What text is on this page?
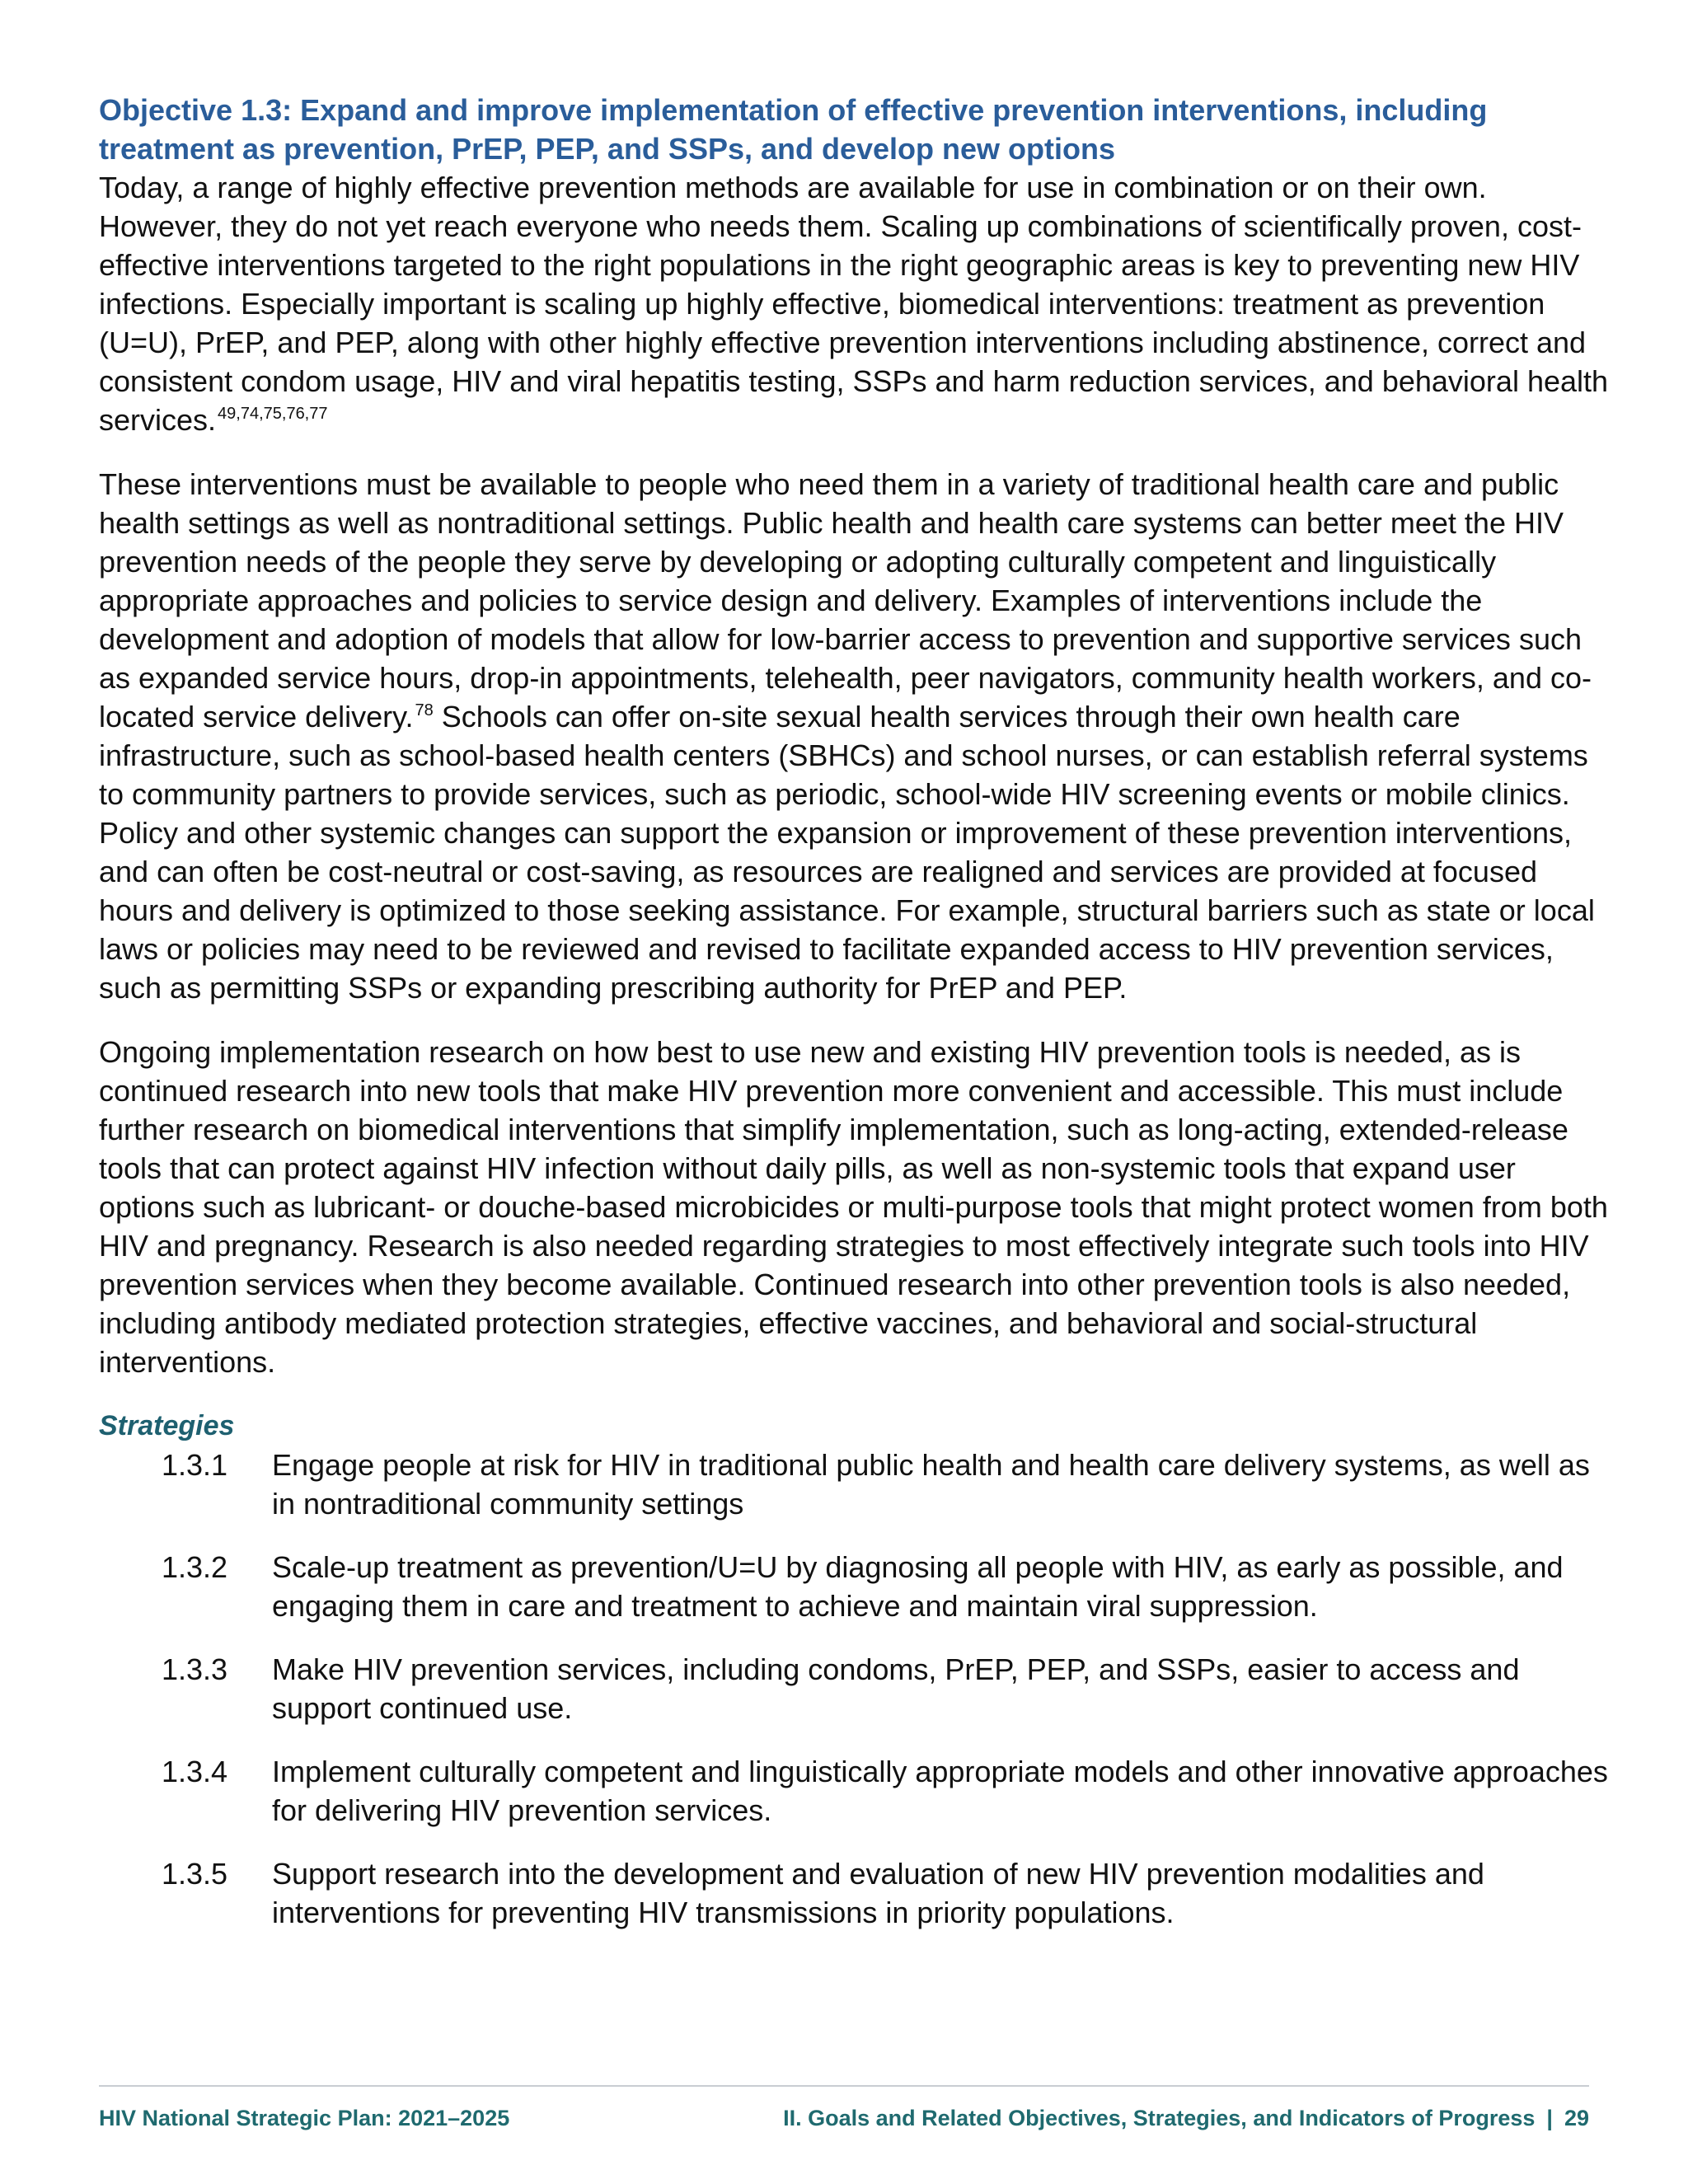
Objective 1.3: Expand and improve implementation of effective prevention interventions, including
treatment as prevention, PrEP, PEP, and SSPs, and develop new options

Today, a range of highly effective prevention methods are available for use in combination or on their own. However, they do not yet reach everyone who needs them. Scaling up combinations of scientifically proven, cost-effective interventions targeted to the right populations in the right geographic areas is key to preventing new HIV infections. Especially important is scaling up highly effective, biomedical interventions: treatment as prevention (U=U), PrEP, and PEP, along with other highly effective prevention interventions including abstinence, correct and consistent condom usage, HIV and viral hepatitis testing, SSPs and harm reduction services, and behavioral health services. $^{49,74,75,76,77}$

These interventions must be available to people who need them in a variety of traditional health care and public health settings as well as nontraditional settings. Public health and health care systems can better meet the HIV prevention needs of the people they serve by developing or adopting culturally competent and linguistically appropriate approaches and policies to service design and delivery. Examples of interventions include the development and adoption of models that allow for low-barrier access to prevention and supportive services such as expanded service hours, drop-in appointments, telehealth, peer navigators, community health workers, and co-located service delivery. $^{78}$ Schools can offer on-site sexual health services through their own health care infrastructure, such as school-based health centers (SBHCs) and school nurses, or can establish referral systems to community partners to provide services, such as periodic, school-wide HIV screening events or mobile clinics. Policy and other systemic changes can support the expansion or improvement of these prevention interventions, and can often be cost-neutral or cost-saving, as resources are realigned and services are provided at focused hours and delivery is optimized to those seeking assistance. For example, structural barriers such as state or local laws or policies may need to be reviewed and revised to facilitate expanded access to HIV prevention services, such as permitting SSPs or expanding prescribing authority for PrEP and PEP.

Ongoing implementation research on how best to use new and existing HIV prevention tools is needed, as is continued research into new tools that make HIV prevention more convenient and accessible. This must include further research on biomedical interventions that simplify implementation, such as long-acting, extended-release tools that can protect against HIV infection without daily pills, as well as non-systemic tools that expand user options such as lubricant- or douche-based microbicides or multi-purpose tools that might protect women from both HIV and pregnancy. Research is also needed regarding strategies to most effectively integrate such tools into HIV prevention services when they become available. Continued research into other prevention tools is also needed, including antibody mediated protection strategies, effective vaccines, and behavioral and social-structural interventions.

Strategies
1.3.1	Engage people at risk for HIV in traditional public health and health care delivery systems, as well as in nontraditional community settings
1.3.2	Scale-up treatment as prevention/U=U by diagnosing all people with HIV, as early as possible, and engaging them in care and treatment to achieve and maintain viral suppression.
1.3.3	Make HIV prevention services, including condoms, PrEP, PEP, and SSPs, easier to access and support continued use.
1.3.4	Implement culturally competent and linguistically appropriate models and other innovative approaches for delivering HIV prevention services.
1.3.5	Support research into the development and evaluation of new HIV prevention modalities and interventions for preventing HIV transmissions in priority populations.
HIV National Strategic Plan: 2021–2025	II. Goals and Related Objectives, Strategies, and Indicators of Progress | 29
